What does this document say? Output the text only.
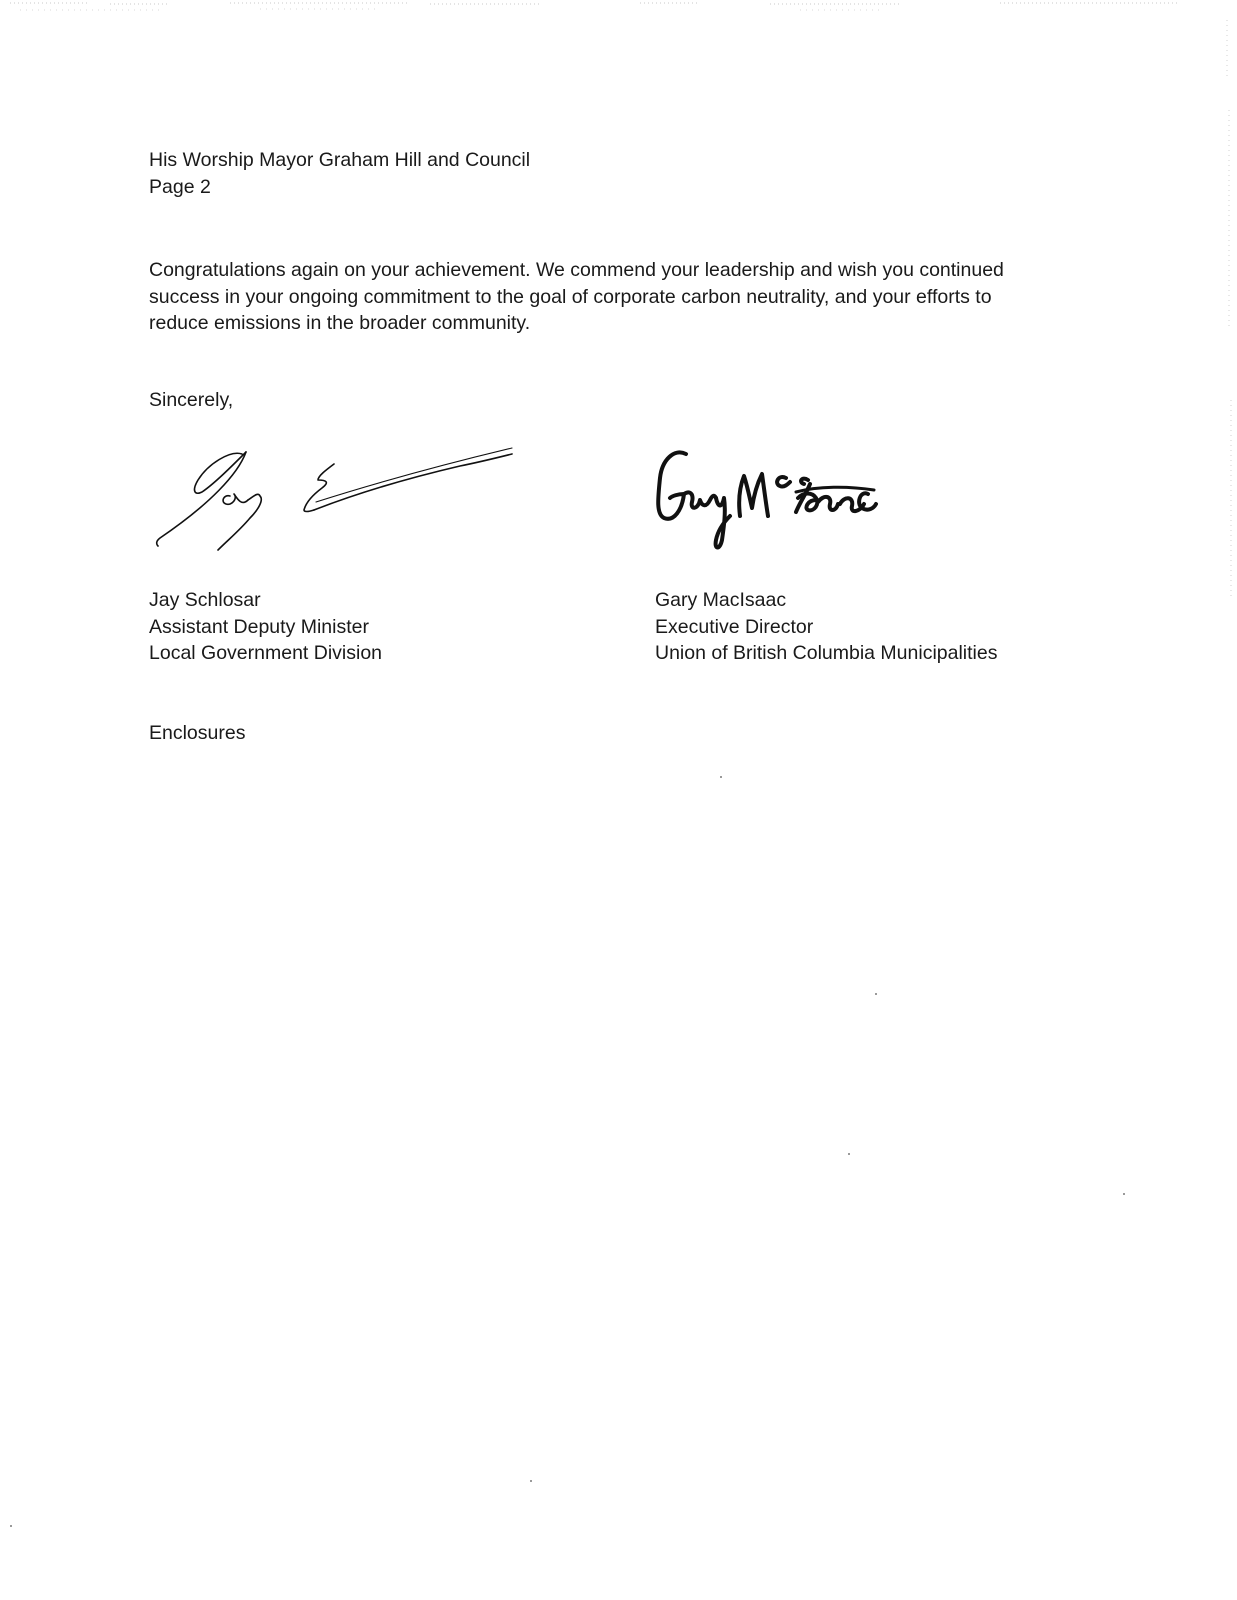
His Worship Mayor Graham Hill and Council
Page 2
Congratulations again on your achievement. We commend your leadership and wish you continued
success in your ongoing commitment to the goal of corporate carbon neutrality, and your efforts to
reduce emissions in the broader community.
Sincerely,
Jay Schlosar
Assistant Deputy Minister
Local Government Division
Gary MacIsaac
Executive Director
Union of British Columbia Municipalities
Enclosures
